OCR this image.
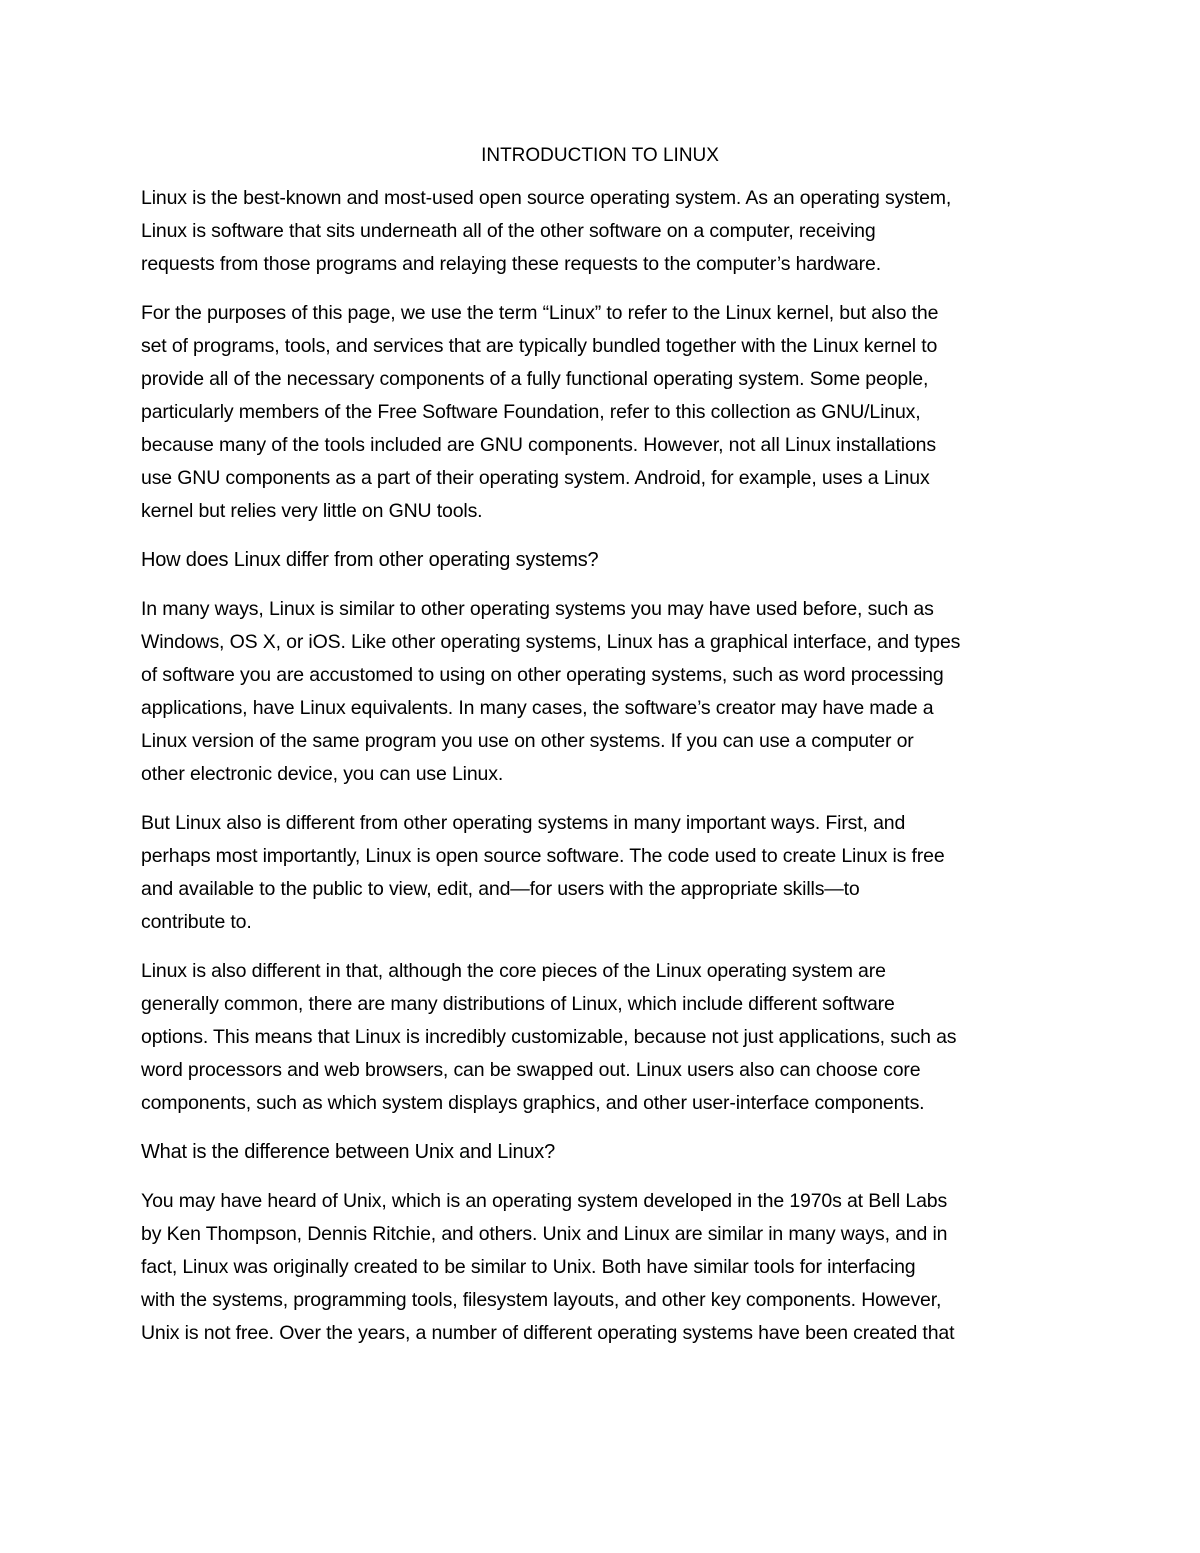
INTRODUCTION TO LINUX
Linux is the best-known and most-used open source operating system. As an operating system,
Linux is software that sits underneath all of the other software on a computer, receiving
requests from those programs and relaying these requests to the computer’s hardware.
For the purposes of this page, we use the term “Linux” to refer to the Linux kernel, but also the
set of programs, tools, and services that are typically bundled together with the Linux kernel to
provide all of the necessary components of a fully functional operating system. Some people,
particularly members of the Free Software Foundation, refer to this collection as GNU/Linux,
because many of the tools included are GNU components. However, not all Linux installations
use GNU components as a part of their operating system. Android, for example, uses a Linux
kernel but relies very little on GNU tools.
How does Linux differ from other operating systems?
In many ways, Linux is similar to other operating systems you may have used before, such as
Windows, OS X, or iOS. Like other operating systems, Linux has a graphical interface, and types
of software you are accustomed to using on other operating systems, such as word processing
applications, have Linux equivalents. In many cases, the software’s creator may have made a
Linux version of the same program you use on other systems. If you can use a computer or
other electronic device, you can use Linux.
But Linux also is different from other operating systems in many important ways. First, and
perhaps most importantly, Linux is open source software. The code used to create Linux is free
and available to the public to view, edit, and—for users with the appropriate skills—to
contribute to.
Linux is also different in that, although the core pieces of the Linux operating system are
generally common, there are many distributions of Linux, which include different software
options. This means that Linux is incredibly customizable, because not just applications, such as
word processors and web browsers, can be swapped out. Linux users also can choose core
components, such as which system displays graphics, and other user-interface components.
What is the difference between Unix and Linux?
You may have heard of Unix, which is an operating system developed in the 1970s at Bell Labs
by Ken Thompson, Dennis Ritchie, and others. Unix and Linux are similar in many ways, and in
fact, Linux was originally created to be similar to Unix. Both have similar tools for interfacing
with the systems, programming tools, filesystem layouts, and other key components. However,
Unix is not free. Over the years, a number of different operating systems have been created that
